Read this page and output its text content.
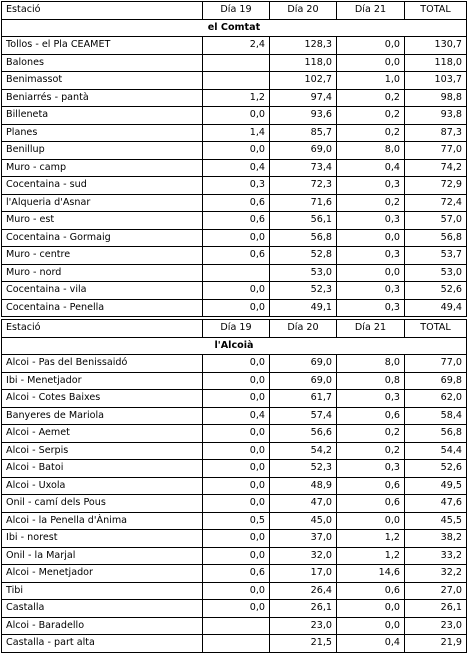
Estació	Día 19	Día 20	Día 21	TOTAL
el Comtat				
Tollos - el Pla CEAMET	2,4	128,3	0,0	130,7
Balones		118,0	0,0	118,0
Benimassot		102,7	1,0	103,7
Beniarrés - pantà	1,2	97,4	0,2	98,8
Billeneta	0,0	93,6	0,2	93,8
Planes	1,4	85,7	0,2	87,3
Benillup	0,0	69,0	8,0	77,0
Muro - camp	0,4	73,4	0,4	74,2
Cocentaina - sud	0,3	72,3	0,3	72,9
l'Alqueria d'Asnar	0,6	71,6	0,2	72,4
Muro - est	0,6	56,1	0,3	57,0
Cocentaina - Gormaig	0,0	56,8	0,0	56,8
Muro - centre	0,6	52,8	0,3	53,7
Muro - nord		53,0	0,0	53,0
Cocentaina - vila	0,0	52,3	0,3	52,6
Cocentaina - Penella	0,0	49,1	0,3	49,4
Estació	Día 19	Día 20	Día 21	TOTAL
l'Alcoià				
Alcoi - Pas del Benissaidó	0,0	69,0	8,0	77,0
Ibi - Menetjador	0,0	69,0	0,8	69,8
Alcoi - Cotes Baixes	0,0	61,7	0,3	62,0
Banyeres de Mariola	0,4	57,4	0,6	58,4
Alcoi - Aemet	0,0	56,6	0,2	56,8
Alcoi - Serpis	0,0	54,2	0,2	54,4
Alcoi - Batoi	0,0	52,3	0,3	52,6
Alcoi - Uxola	0,0	48,9	0,6	49,5
Onil - camí dels Pous	0,0	47,0	0,6	47,6
Alcoi - la Penella d'Ànima	0,5	45,0	0,0	45,5
Ibi - norest	0,0	37,0	1,2	38,2
Onil - la Marjal	0,0	32,0	1,2	33,2
Alcoi - Menetjador	0,6	17,0	14,6	32,2
Tibi	0,0	26,4	0,6	27,0
Castalla	0,0	26,1	0,0	26,1
Alcoi - Baradello		23,0	0,0	23,0
Castalla - part alta		21,5	0,4	21,9
